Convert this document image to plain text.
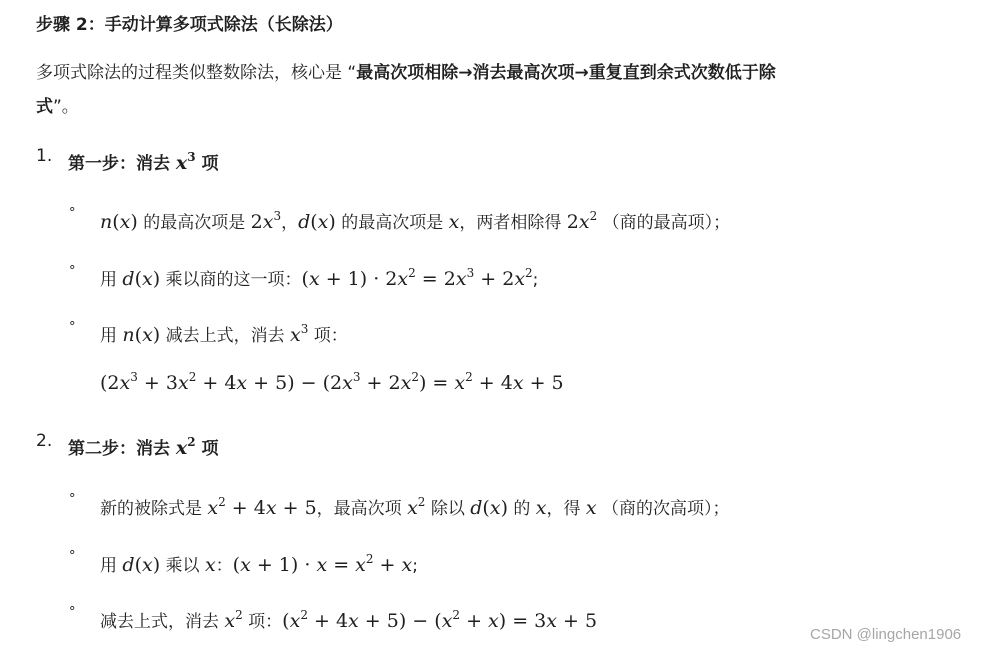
步骤 2：手动计算多项式除法（长除法）
多项式除法的过程类似整数除法，核心是 “最高次项相除→消去最高次项→重复直到余式次数低于除
式”。
1. 第一步：消去 $x^3$ 项
° n(x) 的最高次项是 $2x^3$，d(x) 的最高次项是 x，两者相除得 $2x^2$ （商的最高项）；
° 用 d(x) 乘以商的这一项：$(x + 1) \cdot 2x^2 = 2x^3 + 2x^2$;
° 用 n(x) 减去上式，消去 $x^3$ 项：
$(2x^3 + 3x^2 + 4x + 5) - (2x^3 + 2x^2) = x^2 + 4x + 5$
2. 第二步：消去 $x^2$ 项
° 新的被除式是 $x^2 + 4x + 5$，最高次项 $x^2$ 除以 d(x) 的 x，得 x （商的次高项）；
° 用 d(x) 乘以 x：$(x + 1) \cdot x = x^2 + x$;
° 减去上式，消去 $x^2$ 项：$(x^2 + 4x + 5) - (x^2 + x) = 3x + 5$
CSDN @lingchen1906
